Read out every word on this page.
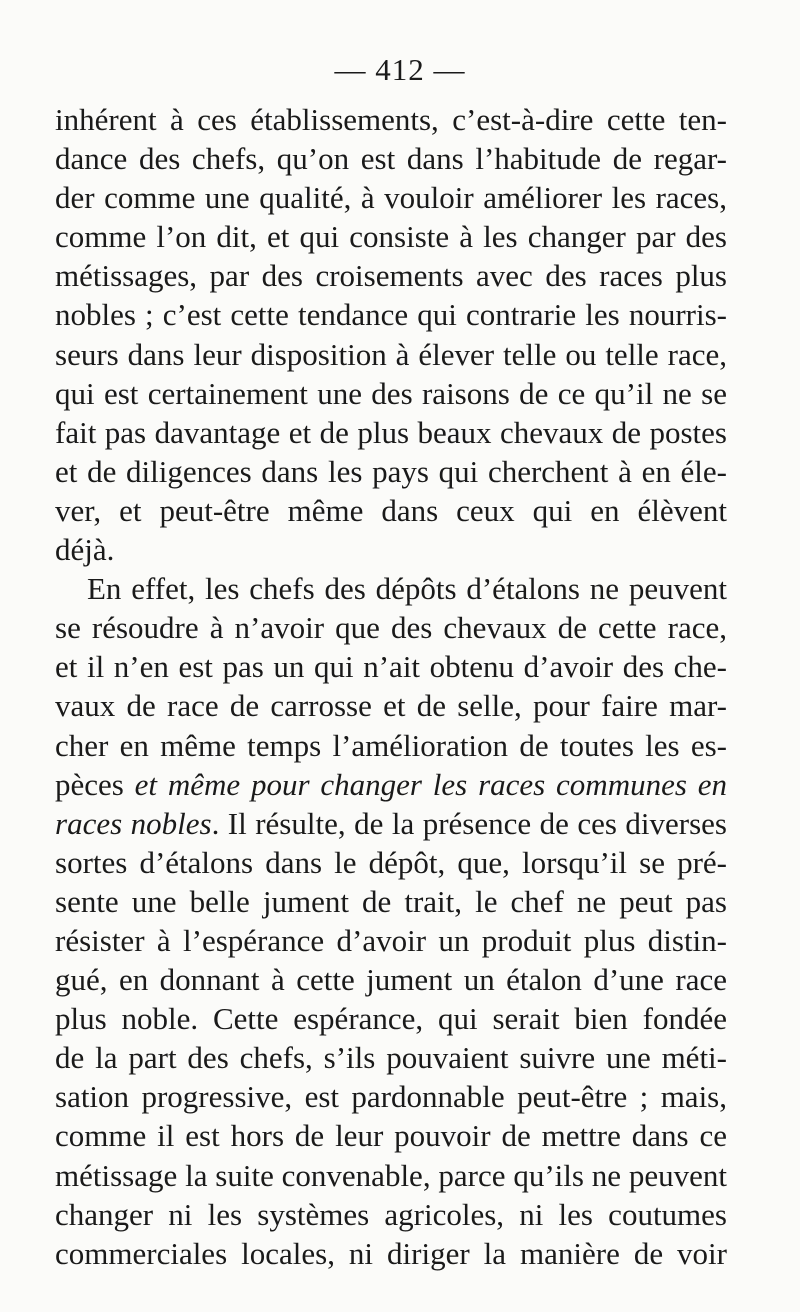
— 412 —
inhérent à ces établissements, c’est-à-dire cette ten-
dance des chefs, qu’on est dans l’habitude de regar-
der comme une qualité, à vouloir améliorer les races,
comme l’on dit, et qui consiste à les changer par des
métissages, par des croisements avec des races plus
nobles ; c’est cette tendance qui contrarie les nourris-
seurs dans leur disposition à élever telle ou telle race,
qui est certainement une des raisons de ce qu’il ne se
fait pas davantage et de plus beaux chevaux de postes
et de diligences dans les pays qui cherchent à en éle-
ver, et peut-être même dans ceux qui en élèvent
déjà.
En effet, les chefs des dépôts d’étalons ne peuvent
se résoudre à n’avoir que des chevaux de cette race,
et il n’en est pas un qui n’ait obtenu d’avoir des che-
vaux de race de carrosse et de selle, pour faire mar-
cher en même temps l’amélioration de toutes les es-
pèces et même pour changer les races communes en
races nobles. Il résulte, de la présence de ces diverses
sortes d’étalons dans le dépôt, que, lorsqu’il se pré-
sente une belle jument de trait, le chef ne peut pas
résister à l’espérance d’avoir un produit plus distin-
gué, en donnant à cette jument un étalon d’une race
plus noble. Cette espérance, qui serait bien fondée
de la part des chefs, s’ils pouvaient suivre une méti-
sation progressive, est pardonnable peut-être ; mais,
comme il est hors de leur pouvoir de mettre dans ce
métissage la suite convenable, parce qu’ils ne peuvent
changer ni les systèmes agricoles, ni les coutumes
commerciales locales, ni diriger la manière de voir
